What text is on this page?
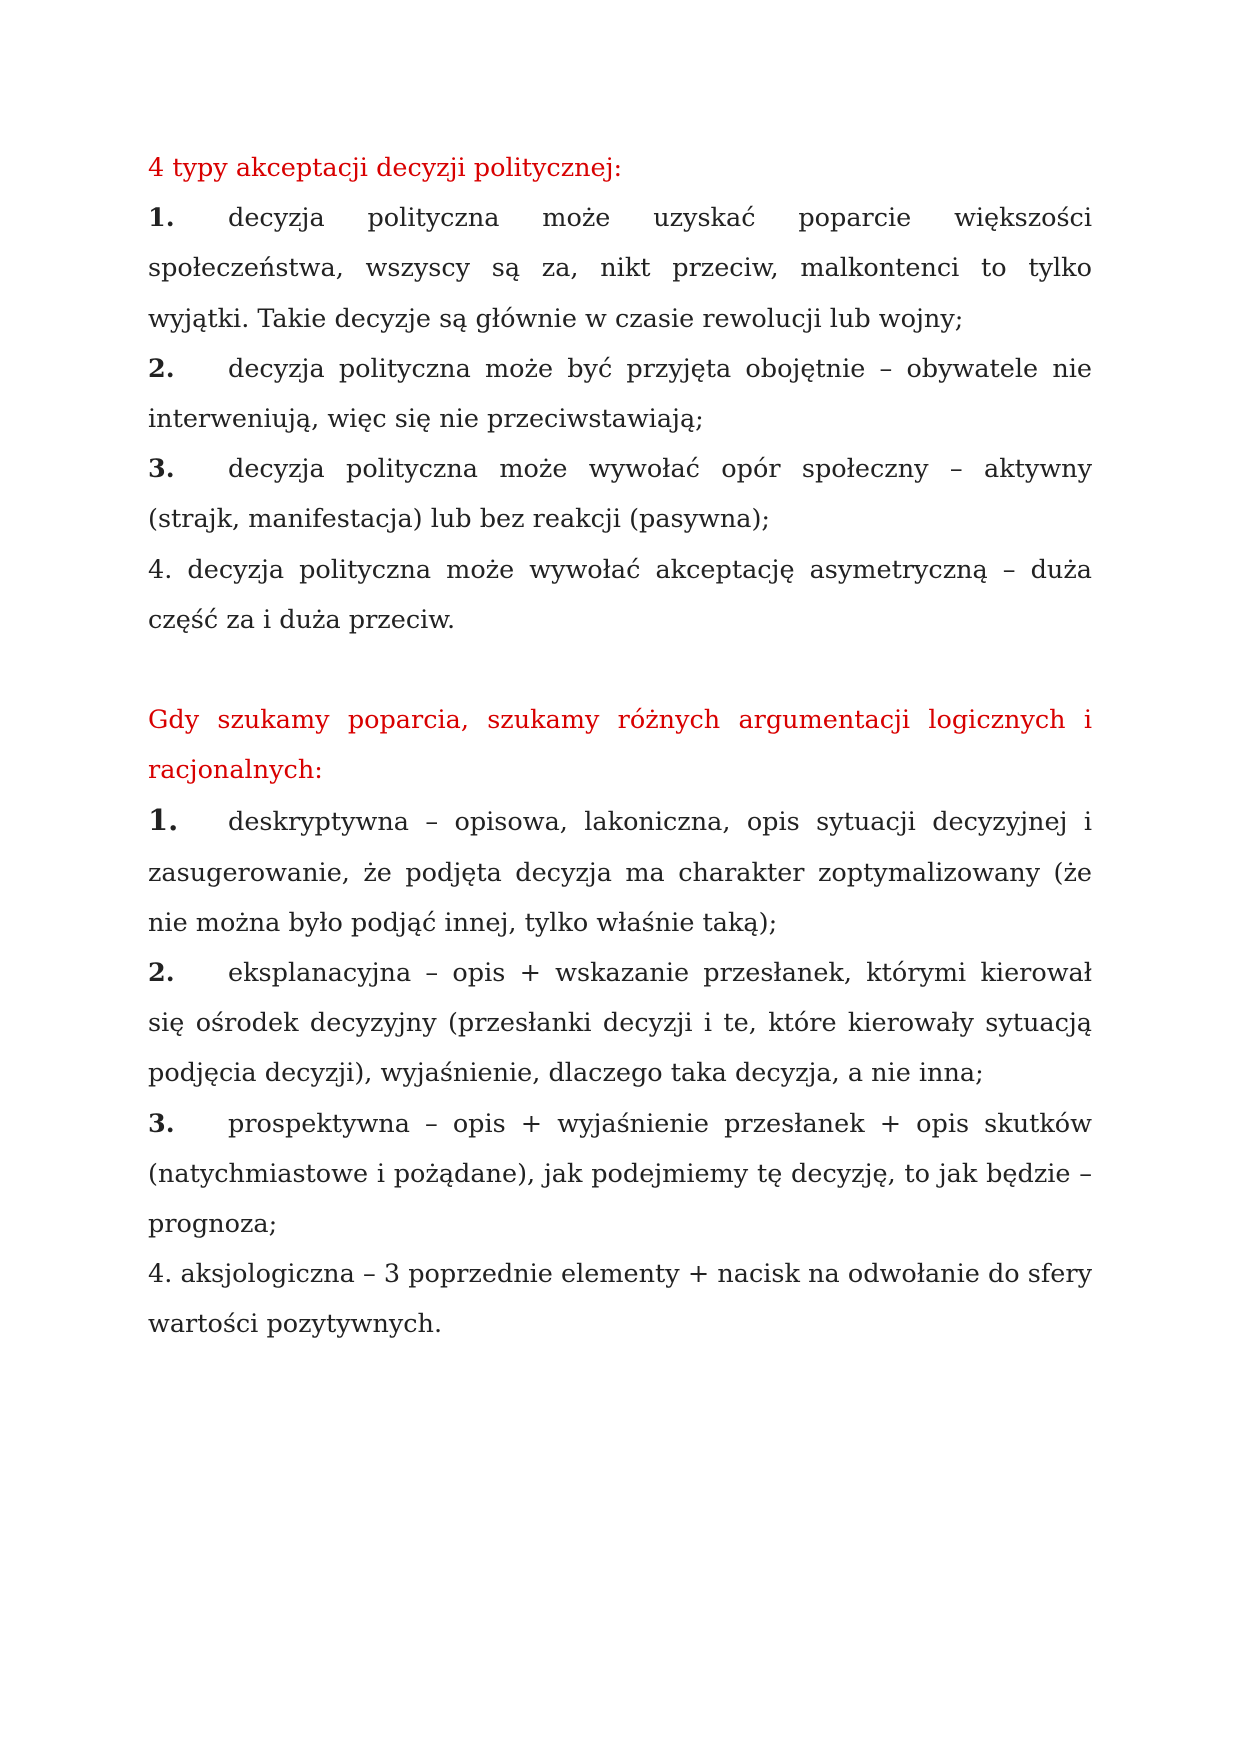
4 typy akceptacji decyzji politycznej:

1. decyzja polityczna może uzyskać poparcie większości społeczeństwa, wszyscy są za, nikt przeciw, malkontenci to tylko wyjątki. Takie decyzje są głównie w czasie rewolucji lub wojny;

2. decyzja polityczna może być przyjęta obojętnie – obywatele nie interweniują, więc się nie przeciwstawiają;

3. decyzja polityczna może wywołać opór społeczny – aktywny (strajk, manifestacja) lub bez reakcji (pasywna);

4. decyzja polityczna może wywołać akceptację asymetryczną – duża część za i duża przeciw.

Gdy szukamy poparcia, szukamy różnych argumentacji logicznych i racjonalnych:

1. deskryptywna – opisowa, lakoniczna, opis sytuacji decyzyjnej i zasugerowanie, że podjęta decyzja ma charakter zoptymalizowany (że nie można było podjąć innej, tylko właśnie taką);

2. eksplanacyjna – opis + wskazanie przesłanek, którymi kierował się ośrodek decyzyjny (przesłanki decyzji i te, które kierowały sytuacją podjęcia decyzji), wyjaśnienie, dlaczego taka decyzja, a nie inna;

3. prospektywna – opis + wyjaśnienie przesłanek + opis skutków (natychmiastowe i pożądane), jak podejmiemy tę decyzję, to jak będzie – prognoza;

4. aksjologiczna – 3 poprzednie elementy + nacisk na odwołanie do sfery wartości pozytywnych.
